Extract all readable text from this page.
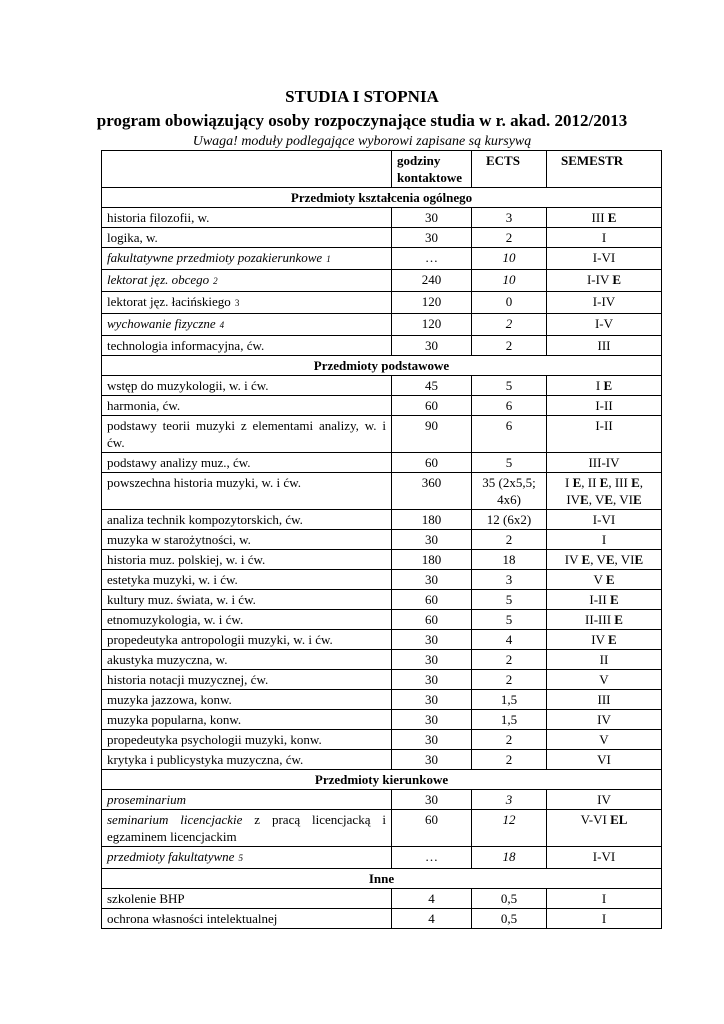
STUDIA I STOPNIA
program obowiązujący osoby rozpoczynające studia w r. akad. 2012/2013

Uwaga! moduły podlegające wyborowi zapisane są kursywą

	godziny kontaktowe	ECTS	SEMESTR
Przedmioty kształcenia ogólnego			
historia filozofii, w.	30	3	III E
logika, w.	30	2	I
fakultatywne przedmioty pozakierunkowe 1	…	10	I-VI
lektorat jęz. obcego 2	240	10	I-IV E
lektorat jęz. łacińskiego 3	120	0	I-IV
wychowanie fizyczne 4	120	2	I-V
technologia informacyjna, ćw.	30	2	III
Przedmioty podstawowe			
wstęp do muzykologii, w. i ćw.	45	5	I E
harmonia, ćw.	60	6	I-II
podstawy teorii muzyki z elementami analizy, w. i ćw.	90	6	I-II
podstawy analizy muz., ćw.	60	5	III-IV
powszechna historia muzyki, w. i ćw.	360	35 (2x5,5; 4x6)	I E, II E, III E, IVE, VE, VIE
analiza technik kompozytorskich, ćw.	180	12 (6x2)	I-VI
muzyka w starożytności, w.	30	2	I
historia muz. polskiej, w. i ćw.	180	18	IV E, VE, VIE
estetyka muzyki, w. i ćw.	30	3	V E
kultury muz. świata, w. i ćw.	60	5	I-II E
etnomuzykologia, w. i ćw.	60	5	II-III E
propedeutyka antropologii muzyki, w. i ćw.	30	4	IV E
akustyka muzyczna, w.	30	2	II
historia notacji muzycznej, ćw.	30	2	V
muzyka jazzowa, konw.	30	1,5	III
muzyka popularna, konw.	30	1,5	IV
propedeutyka psychologii muzyki, konw.	30	2	V
krytyka i publicystyka muzyczna, ćw.	30	2	VI
Przedmioty kierunkowe			
proseminarium	30	3	IV
seminarium licencjackie z pracą licencjacką i egzaminem licencjackim	60	12	V-VI EL
przedmioty fakultatywne 5	…	18	I-VI
Inne			
szkolenie BHP	4	0,5	I
ochrona własności intelektualnej	4	0,5	I
